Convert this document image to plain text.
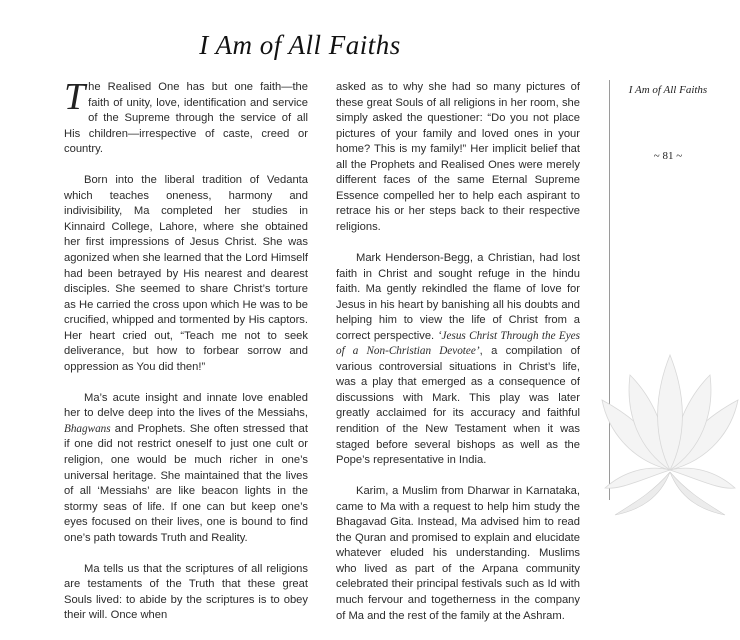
I Am of All Faiths

The Realised One has but one faith—the faith of unity, love, identification and service of the Supreme through the service of all His children—irrespective of caste, creed or country.

Born into the liberal tradition of Vedanta which teaches oneness, harmony and indivisibility, Ma completed her studies in Kinnaird College, Lahore, where she obtained her first impressions of Jesus Christ. She was agonized when she learned that the Lord Himself had been betrayed by His nearest and dearest disciples. She seemed to share Christ’s torture as He carried the cross upon which He was to be crucified, whipped and tormented by His captors. Her heart cried out, “Teach me not to seek deliverance, but how to forbear sorrow and oppression as You did then!”

Ma’s acute insight and innate love enabled her to delve deep into the lives of the Messiahs, Bhagwans and Prophets. She often stressed that if one did not restrict oneself to just one cult or religion, one would be much richer in one’s universal heritage. She maintained that the lives of all ‘Messiahs’ are like beacon lights in the stormy seas of life. If one can but keep one’s eyes focused on their lives, one is bound to find one’s path towards Truth and Reality.

Ma tells us that the scriptures of all religions are testaments of the Truth that these great Souls lived: to abide by the scriptures is to obey their will. Once when

asked as to why she had so many pictures of these great Souls of all religions in her room, she simply asked the questioner: “Do you not place pictures of your family and loved ones in your home? This is my family!” Her implicit belief that all the Prophets and Realised Ones were merely different faces of the same Eternal Supreme Essence compelled her to help each aspirant to retrace his or her steps back to their respective religions.

Mark Henderson-Begg, a Christian, had lost faith in Christ and sought refuge in the hindu faith. Ma gently rekindled the flame of love for Jesus in his heart by banishing all his doubts and helping him to view the life of Christ from a correct perspective. ‘Jesus Christ Through the Eyes of a Non-Christian Devotee’, a compilation of various controversial situations in Christ’s life, was a play that emerged as a consequence of discussions with Mark. This play was later greatly acclaimed for its accuracy and faithful rendition of the New Testament when it was staged before several bishops as well as the Pope’s representative in India.

Karim, a Muslim from Dharwar in Karnataka, came to Ma with a request to help him study the Bhagavad Gita. Instead, Ma advised him to read the Quran and promised to explain and elucidate whatever eluded his understanding. Muslims who lived as part of the Arpana community celebrated their principal festivals such as Id with much fervour and togetherness in the company of Ma and the rest of the family at the Ashram.

I Am of All Faiths
~ 81 ~
